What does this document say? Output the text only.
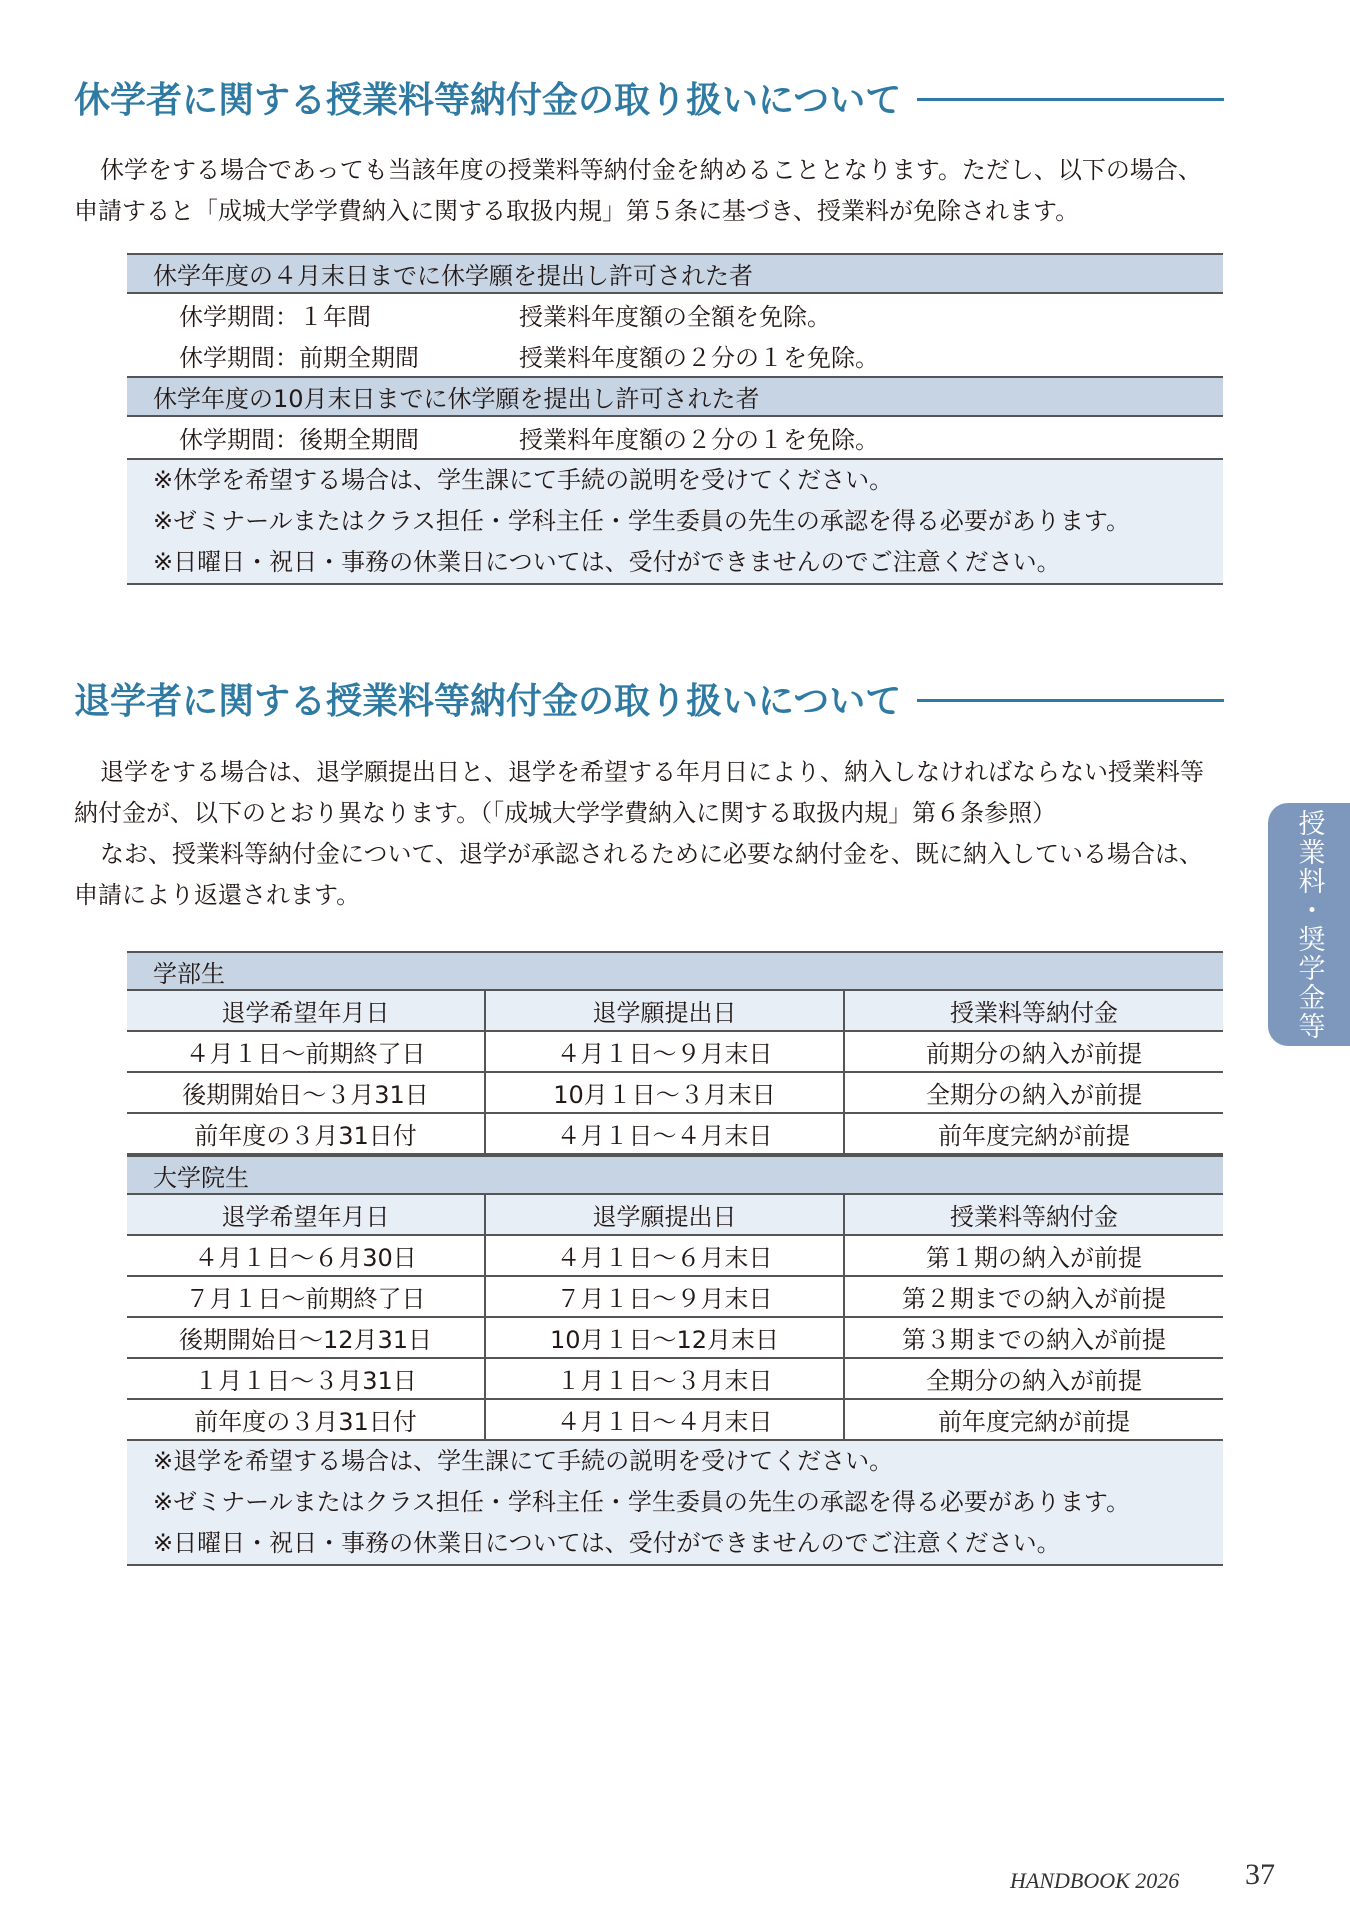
休学者に関する授業料等納付金の取り扱いについて

休学をする場合であっても当該年度の授業料等納付金を納めることとなります。ただし、以下の場合、申請すると「成城大学学費納入に関する取扱内規」第５条に基づき、授業料が免除されます。

休学年度の４月末日までに休学願を提出し許可された者
休学期間：１年間	授業料年度額の全額を免除。
休学期間：前期全期間	授業料年度額の２分の１を免除。
休学年度の10月末日までに休学願を提出し許可された者
休学期間：後期全期間	授業料年度額の２分の１を免除。
※休学を希望する場合は、学生課にて手続の説明を受けてください。
※ゼミナールまたはクラス担任・学科主任・学生委員の先生の承認を得る必要があります。
※日曜日・祝日・事務の休業日については、受付ができませんのでご注意ください。
退学者に関する授業料等納付金の取り扱いについて

退学をする場合は、退学願提出日と、退学を希望する年月日により、納入しなければならない授業料等納付金が、以下のとおり異なります。（「成城大学学費納入に関する取扱内規」第６条参照）

なお、授業料等納付金について、退学が承認されるために必要な納付金を、既に納入している場合は、申請により返還されます。

学部生
退学希望年月日	退学願提出日	授業料等納付金
４月１日〜前期終了日	４月１日〜９月末日	前期分の納入が前提
後期開始日〜３月31日	10月１日〜３月末日	全期分の納入が前提
前年度の３月31日付	４月１日〜４月末日	前年度完納が前提
大学院生
退学希望年月日	退学願提出日	授業料等納付金
４月１日〜６月30日	４月１日〜６月末日	第１期の納入が前提
７月１日〜前期終了日	７月１日〜９月末日	第２期までの納入が前提
後期開始日〜12月31日	10月１日〜12月末日	第３期までの納入が前提
１月１日〜３月31日	１月１日〜３月末日	全期分の納入が前提
前年度の３月31日付	４月１日〜４月末日	前年度完納が前提
※退学を希望する場合は、学生課にて手続の説明を受けてください。
※ゼミナールまたはクラス担任・学科主任・学生委員の先生の承認を得る必要があります。
※日曜日・祝日・事務の休業日については、受付ができませんのでご注意ください。
授業料・奨学金等
HANDBOOK 2026 37
